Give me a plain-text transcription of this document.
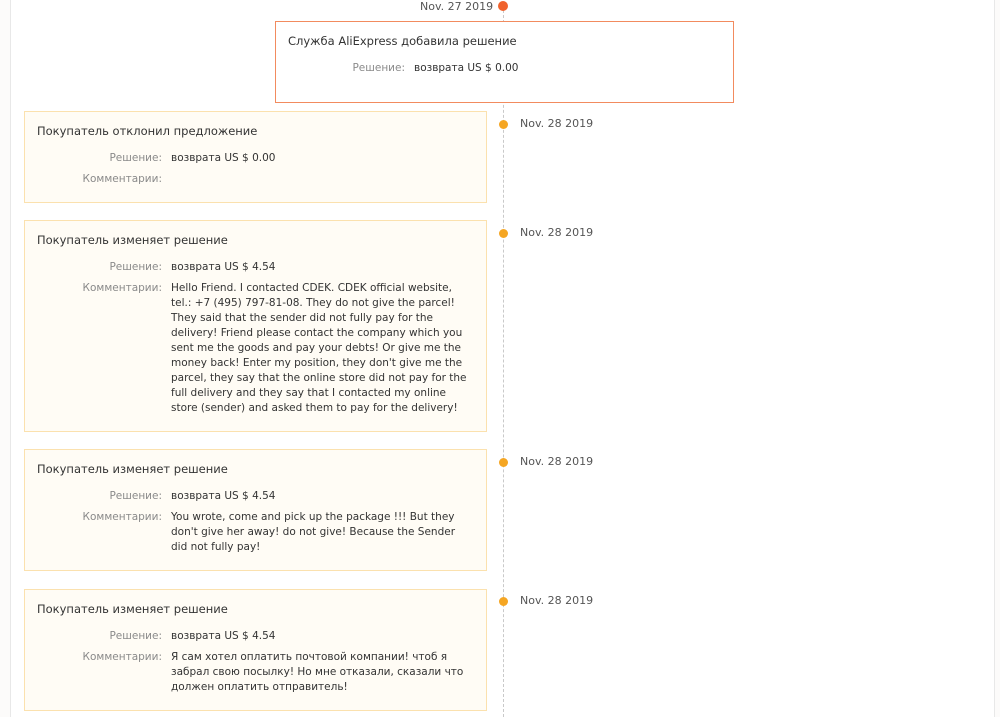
Nov. 27 2019
Служба AliExpress добавила решение
Решение: возврата US $ 0.00
Nov. 28 2019
Покупатель отклонил предложение
Решение: возврата US $ 0.00
Комментарии:
Nov. 28 2019
Покупатель изменяет решение
Решение: возврата US $ 4.54
Комментарии: Hello Friend. I contacted CDEK. CDEK official website, tel.: +7 (495) 797-81-08. They do not give the parcel! They said that the sender did not fully pay for the delivery! Friend please contact the company which you sent me the goods and pay your debts! Or give me the money back! Enter my position, they don't give me the parcel, they say that the online store did not pay for the full delivery and they say that I contacted my online store (sender) and asked them to pay for the delivery!
Nov. 28 2019
Покупатель изменяет решение
Решение: возврата US $ 4.54
Комментарии: You wrote, come and pick up the package !!! But they don't give her away! do not give! Because the Sender did not fully pay!
Nov. 28 2019
Покупатель изменяет решение
Решение: возврата US $ 4.54
Комментарии: Я сам хотел оплатить почтовой компании! чтоб я забрал свою посылку! Но мне отказали, сказали что должен оплатить отправитель!
